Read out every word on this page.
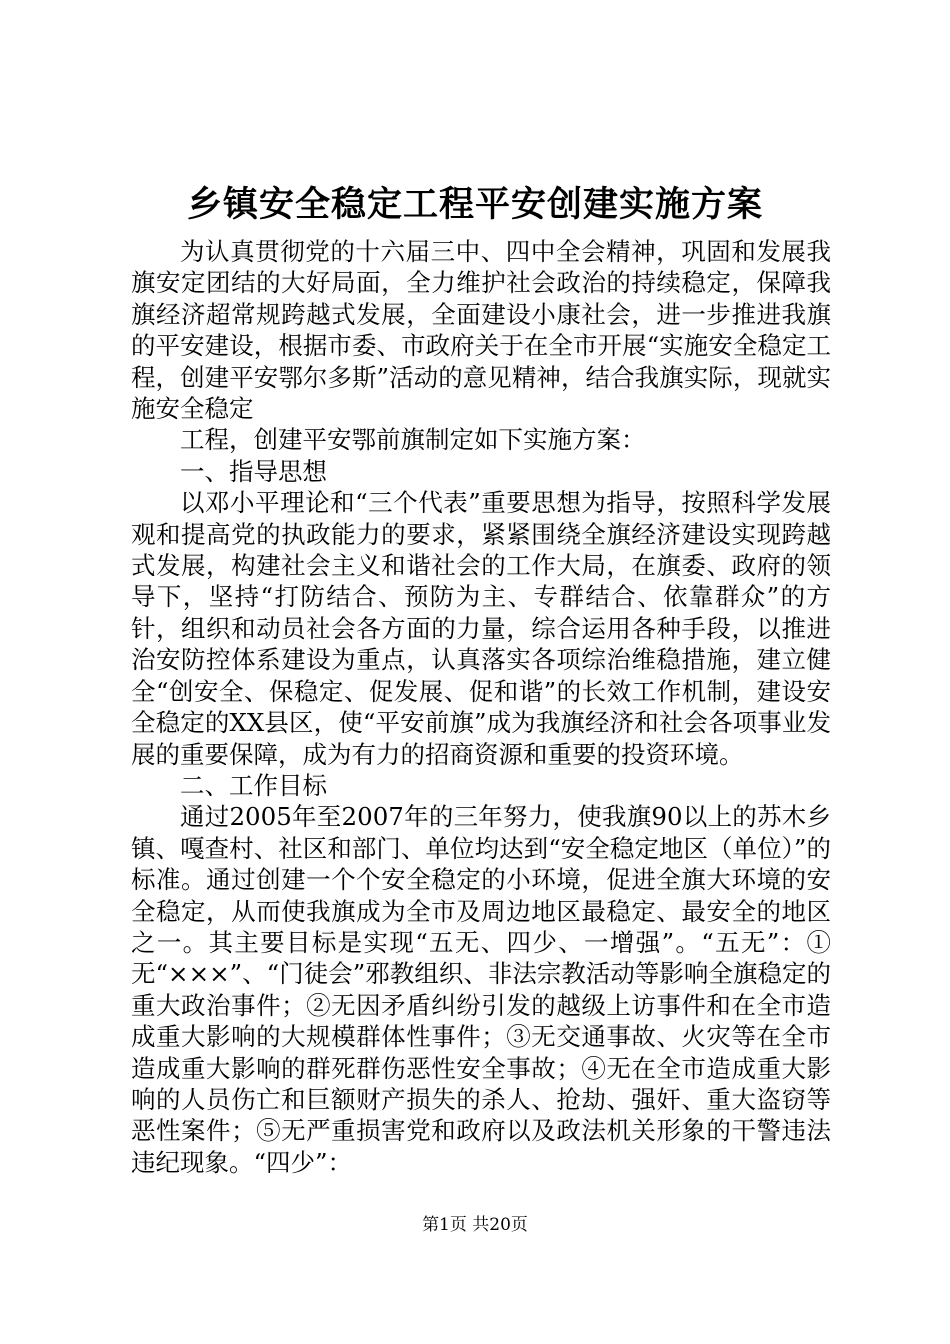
乡镇安全稳定工程平安创建实施方案

为认真贯彻党的十六届三中、四中全会精神，巩固和发展我旗安定团结的大好局面，全力维护社会政治的持续稳定，保障我旗经济超常规跨越式发展，全面建设小康社会，进一步推进我旗的平安建设，根据市委、市政府关于在全市开展“实施安全稳定工程，创建平安鄂尔多斯”活动的意见精神，结合我旗实际，现就实施安全稳定

工程，创建平安鄂前旗制定如下实施方案：

一、指导思想

以邓小平理论和“三个代表”重要思想为指导，按照科学发展观和提高党的执政能力的要求，紧紧围绕全旗经济建设实现跨越式发展，构建社会主义和谐社会的工作大局，在旗委、政府的领导下，坚持“打防结合、预防为主、专群结合、依靠群众”的方针，组织和动员社会各方面的力量，综合运用各种手段，以推进治安防控体系建设为重点，认真落实各项综治维稳措施，建立健全“创安全、保稳定、促发展、促和谐”的长效工作机制，建设安全稳定的XX县区，使“平安前旗”成为我旗经济和社会各项事业发展的重要保障，成为有力的招商资源和重要的投资环境。

二、工作目标

通过2005年至2007年的三年努力，使我旗90以上的苏木乡镇、嘎查村、社区和部门、单位均达到“安全稳定地区（单位）”的标准。通过创建一个个安全稳定的小环境，促进全旗大环境的安全稳定，从而使我旗成为全市及周边地区最稳定、最安全的地区之一。其主要目标是实现“五无、四少、一增强”。“五无”：①无“×××”、“门徒会”邪教组织、非法宗教活动等影响全旗稳定的重大政治事件；②无因矛盾纠纷引发的越级上访事件和在全市造成重大影响的大规模群体性事件；③无交通事故、火灾等在全市造成重大影响的群死群伤恶性安全事故；④无在全市造成重大影响的人员伤亡和巨额财产损失的杀人、抢劫、强奸、重大盗窃等恶性案件；⑤无严重损害党和政府以及政法机关形象的干警违法违纪现象。“四少”：

第1页 共20页
